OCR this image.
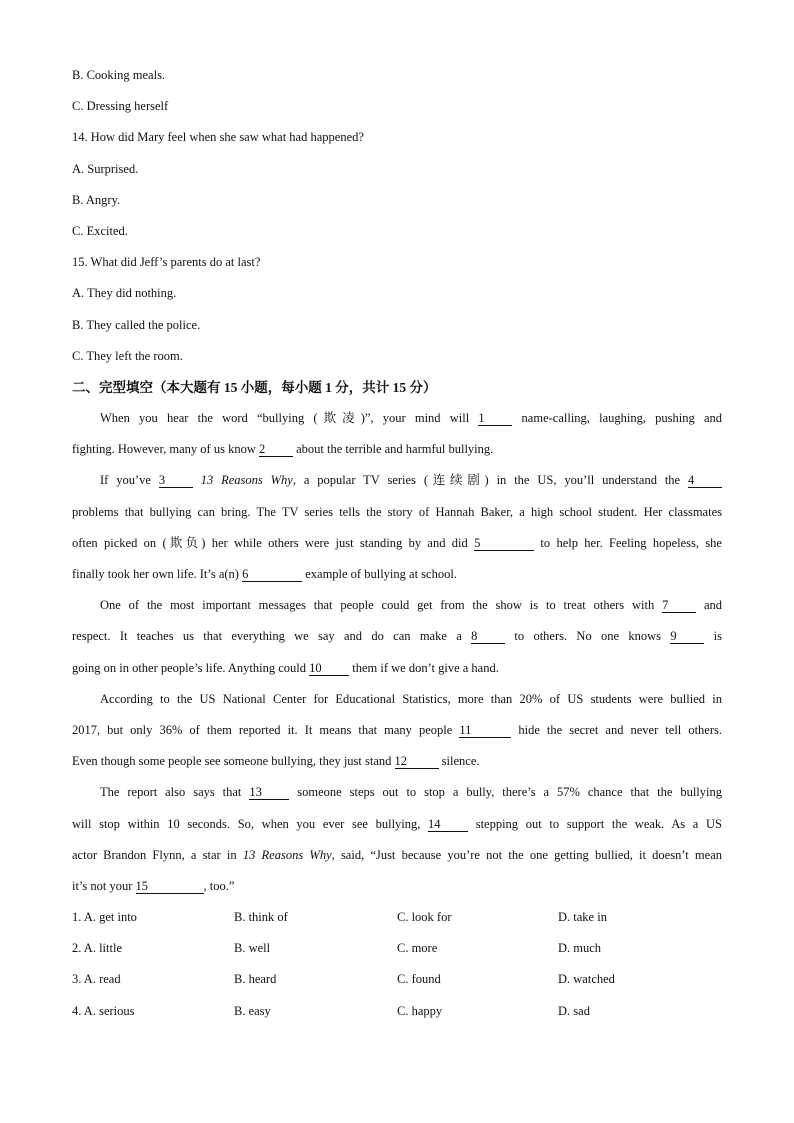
B. Cooking meals.
C. Dressing herself
14. How did Mary feel when she saw what had happened?
A. Surprised.
B. Angry.
C. Excited.
15. What did Jeff’s parents do at last?
A. They did nothing.
B. They called the police.
C. They left the room.
二、完型填空（本大题有 15 小题，每小题 1 分，共计 15 分）
When you hear the word “bullying (欺凌)”, your mind will 1 name-calling, laughing, pushing and
fighting. However, many of us know 2 about the terrible and harmful bullying.
If you’ve 3	13 Reasons Why, a popular TV series (连续剧) in the US, you’ll understand the 4
problems that bullying can bring. The TV series tells the story of Hannah Baker, a high school student. Her classmates
often picked on (欺负) her while others were just standing by and did 5	to help her. Feeling hopeless, she
finally took her own life. It’s a(n) 6	example of bullying at school.
One of the most important messages that people could get from the show is to treat others with 7 and
respect. It teaches us that everything we say and do can make a 8 to others. No one knows 9 is
going on in other people’s life. Anything could 10 them if we don’t give a hand.
According to the US National Center for Educational Statistics, more than 20% of US students were bullied in
2017, but only 36% of them reported it. It means that many people 11	hide the secret and never tell others.
Even though some people see someone bullying, they just stand 12	silence.
The report also says that 13 someone steps out to stop a bully, there’s a 57% chance that the bullying
will stop within 10 seconds. So, when you ever see bullying, 14 stepping out to support the weak. As a US
actor Brandon Flynn, a star in 13 Reasons Why, said, “Just because you’re not the one getting bullied, it doesn’t mean
it’s not your 15	, too.”
1. A. get into	B. think of	C. look for	D. take in
2. A. little	B. well	C. more	D. much
3. A. read	B. heard	C. found	D. watched
4. A. serious	B. easy	C. happy	D. sad
